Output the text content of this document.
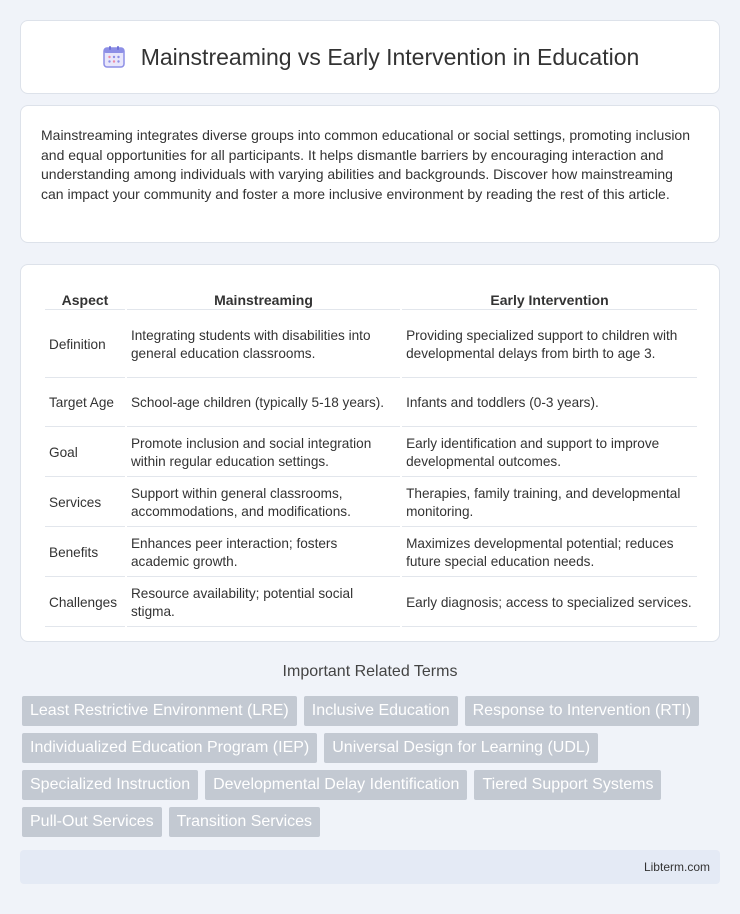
Mainstreaming vs Early Intervention in Education

Mainstreaming integrates diverse groups into common educational or social settings, promoting inclusion and equal opportunities for all participants. It helps dismantle barriers by encouraging interaction and understanding among individuals with varying abilities and backgrounds. Discover how mainstreaming can impact your community and foster a more inclusive environment by reading the rest of this article.

Aspect	Mainstreaming	Early Intervention
Definition	Integrating students with disabilities into general education classrooms.	Providing specialized support to children with developmental delays from birth to age 3.
Target Age	School-age children (typically 5-18 years).	Infants and toddlers (0-3 years).
Goal	Promote inclusion and social integration within regular education settings.	Early identification and support to improve developmental outcomes.
Services	Support within general classrooms, accommodations, and modifications.	Therapies, family training, and developmental monitoring.
Benefits	Enhances peer interaction; fosters academic growth.	Maximizes developmental potential; reduces future special education needs.
Challenges	Resource availability; potential social stigma.	Early diagnosis; access to specialized services.
Important Related Terms
Least Restrictive Environment (LRE)	Inclusive Education	Response to Intervention (RTI)
Individualized Education Program (IEP)	Universal Design for Learning (UDL)
Specialized Instruction	Developmental Delay Identification	Tiered Support Systems
Pull-Out Services	Transition Services
Libterm.com
